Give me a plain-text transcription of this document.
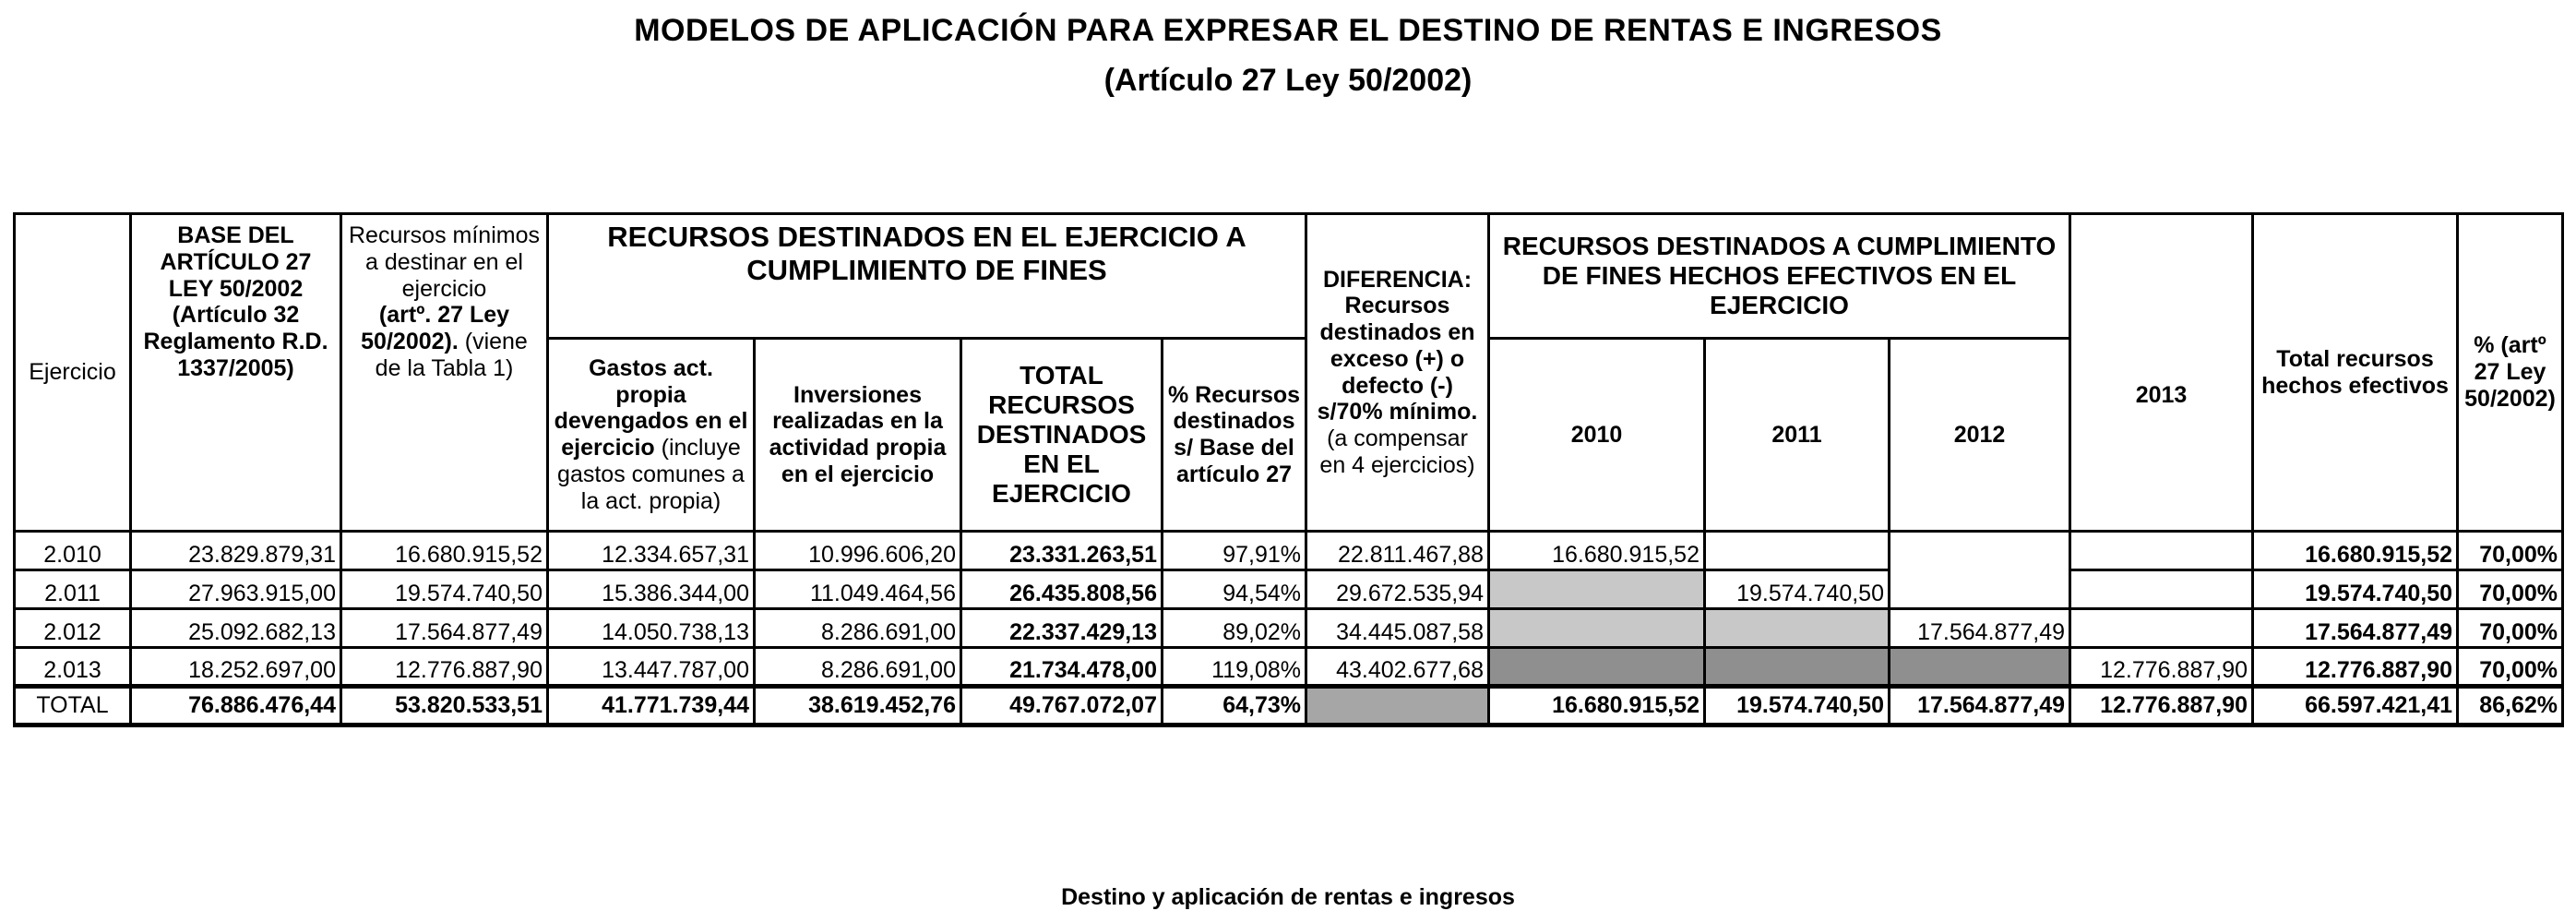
MODELOS DE APLICACIÓN PARA EXPRESAR EL DESTINO DE RENTAS E INGRESOS
(Artículo 27 Ley 50/2002)
Ejercicio	BASE DEL ARTÍCULO 27 LEY 50/2002 (Artículo 32 Reglamento R.D. 1337/2005)	Recursos mínimos a destinar en el ejercicio
(artº. 27 Ley 50/2002). (viene de la Tabla 1)	RECURSOS DESTINADOS EN EL EJERCICIO A CUMPLIMIENTO DE FINES				DIFERENCIA: Recursos destinados en exceso (+) o defecto (-) s/70% mínimo. (a compensar en 4 ejercicios)	RECURSOS DESTINADOS A CUMPLIMIENTO DE FINES HECHOS EFECTIVOS EN EL EJERCICIO			2013	Total recursos hechos efectivos	% (artº 27 Ley 50/2002)
			Gastos act. propia devengados en el ejercicio (incluye gastos comunes a la act. propia)	Inversiones realizadas en la actividad propia en el ejercicio	TOTAL RECURSOS DESTINADOS EN EL EJERCICIO	% Recursos destinados s/ Base del artículo 27		2010	2011	2012			
2.010	23.829.879,31	16.680.915,52	12.334.657,31	10.996.606,20	23.331.263,51	97,91%	22.811.467,88	16.680.915,52				16.680.915,52	70,00%
2.011	27.963.915,00	19.574.740,50	15.386.344,00	11.049.464,56	26.435.808,56	94,54%	29.672.535,94		19.574.740,50			19.574.740,50	70,00%
2.012	25.092.682,13	17.564.877,49	14.050.738,13	8.286.691,00	22.337.429,13	89,02%	34.445.087,58			17.564.877,49		17.564.877,49	70,00%
2.013	18.252.697,00	12.776.887,90	13.447.787,00	8.286.691,00	21.734.478,00	119,08%	43.402.677,68				12.776.887,90	12.776.887,90	70,00%
TOTAL	76.886.476,44	53.820.533,51	41.771.739,44	38.619.452,76	49.767.072,07	64,73%		16.680.915,52	19.574.740,50	17.564.877,49	12.776.887,90	66.597.421,41	86,62%
Destino y aplicación de rentas e ingresos
